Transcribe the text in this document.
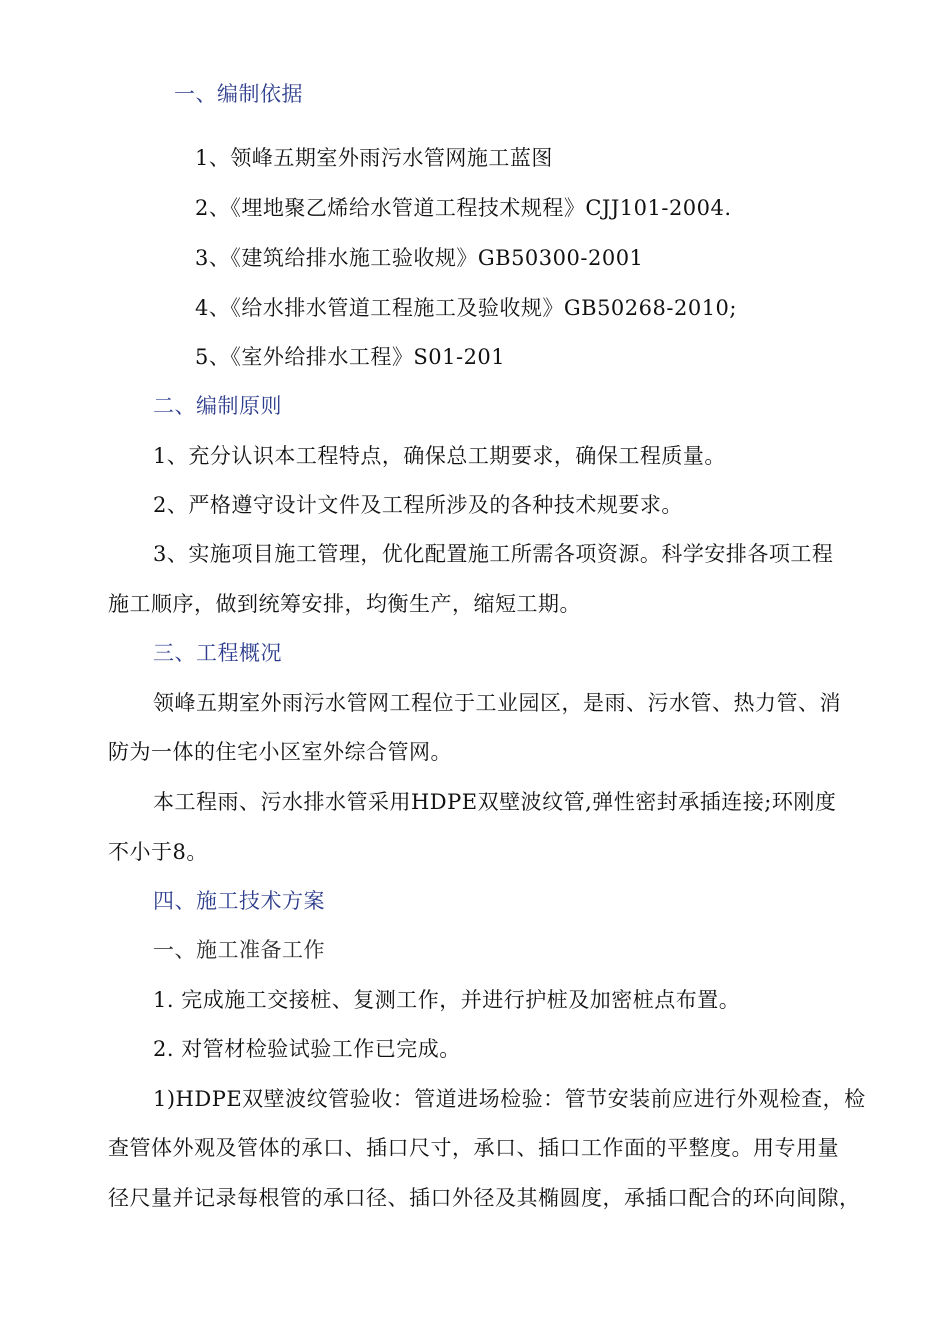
一、编制依据
1、领峰五期室外雨污水管网施工蓝图
2、《埋地聚乙烯给水管道工程技术规程》CJJ101-2004.
3、《建筑给排水施工验收规》GB50300-2001
4、《给水排水管道工程施工及验收规》GB50268-2010;
5、《室外给排水工程》S01-201
二、编制原则
1、充分认识本工程特点，确保总工期要求，确保工程质量。
2、严格遵守设计文件及工程所涉及的各种技术规要求。
3、实施项目施工管理，优化配置施工所需各项资源。科学安排各项工程
施工顺序，做到统筹安排，均衡生产，缩短工期。
三、工程概况
领峰五期室外雨污水管网工程位于工业园区，是雨、污水管、热力管、消
防为一体的住宅小区室外综合管网。
本工程雨、污水排水管采用HDPE双壁波纹管,弹性密封承插连接;环刚度
不小于8。
四、施工技术方案
一、施工准备工作
1. 完成施工交接桩、复测工作，并进行护桩及加密桩点布置。
2. 对管材检验试验工作已完成。
1)HDPE双壁波纹管验收：管道进场检验：管节安装前应进行外观检查，检
查管体外观及管体的承口、插口尺寸，承口、插口工作面的平整度。用专用量
径尺量并记录每根管的承口径、插口外径及其椭圆度，承插口配合的环向间隙，
